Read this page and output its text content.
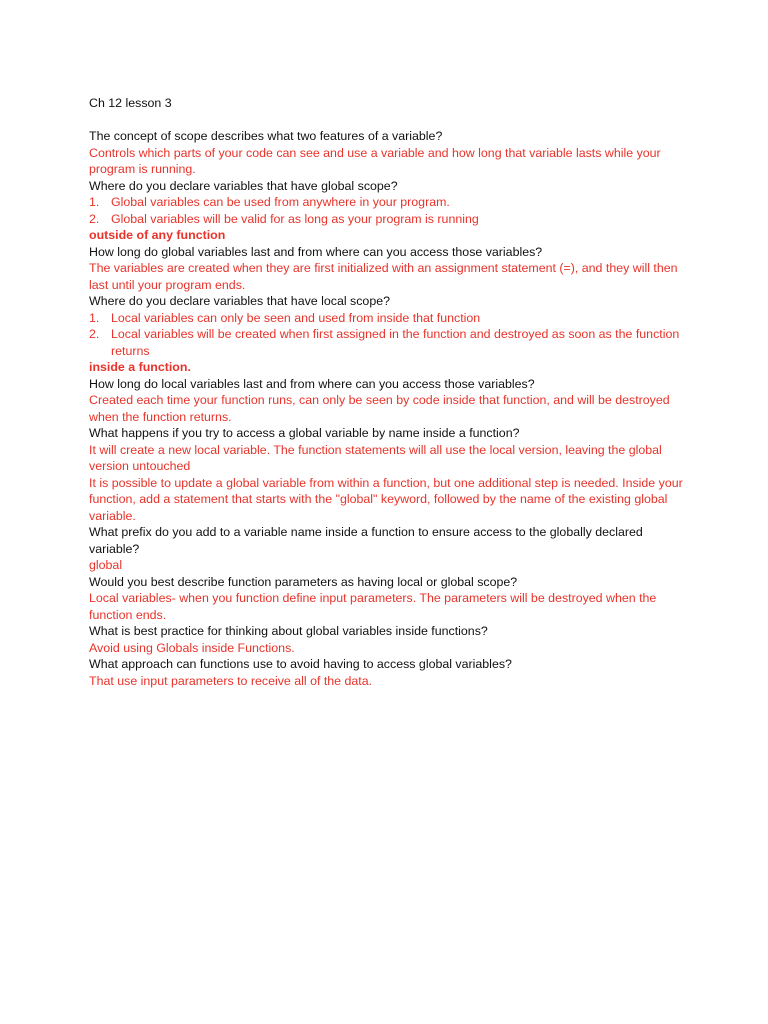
Ch 12 lesson 3
The concept of scope describes what two features of a variable?
Controls which parts of your code can see and use a variable and how long that variable lasts while your program is running.
Where do you declare variables that have global scope?
1. Global variables can be used from anywhere in your program.
2. Global variables will be valid for as long as your program is running
outside of any function
How long do global variables last and from where can you access those variables?
The variables are created when they are first initialized with an assignment statement (=), and they will then last until your program ends.
Where do you declare variables that have local scope?
1. Local variables can only be seen and used from inside that function
2. Local variables will be created when first assigned in the function and destroyed as soon as the function returns
inside a function.
How long do local variables last and from where can you access those variables?
Created each time your function runs, can only be seen by code inside that function, and will be destroyed when the function returns.
What happens if you try to access a global variable by name inside a function?
It will create a new local variable. The function statements will all use the local version, leaving the global version untouched
It is possible to update a global variable from within a function, but one additional step is needed. Inside your function, add a statement that starts with the "global" keyword, followed by the name of the existing global variable.
What prefix do you add to a variable name inside a function to ensure access to the globally declared variable?
global
Would you best describe function parameters as having local or global scope?
Local variables- when you function define input parameters. The parameters will be destroyed when the function ends.
What is best practice for thinking about global variables inside functions?
Avoid using Globals inside Functions.
What approach can functions use to avoid having to access global variables?
That use input parameters to receive all of the data.
